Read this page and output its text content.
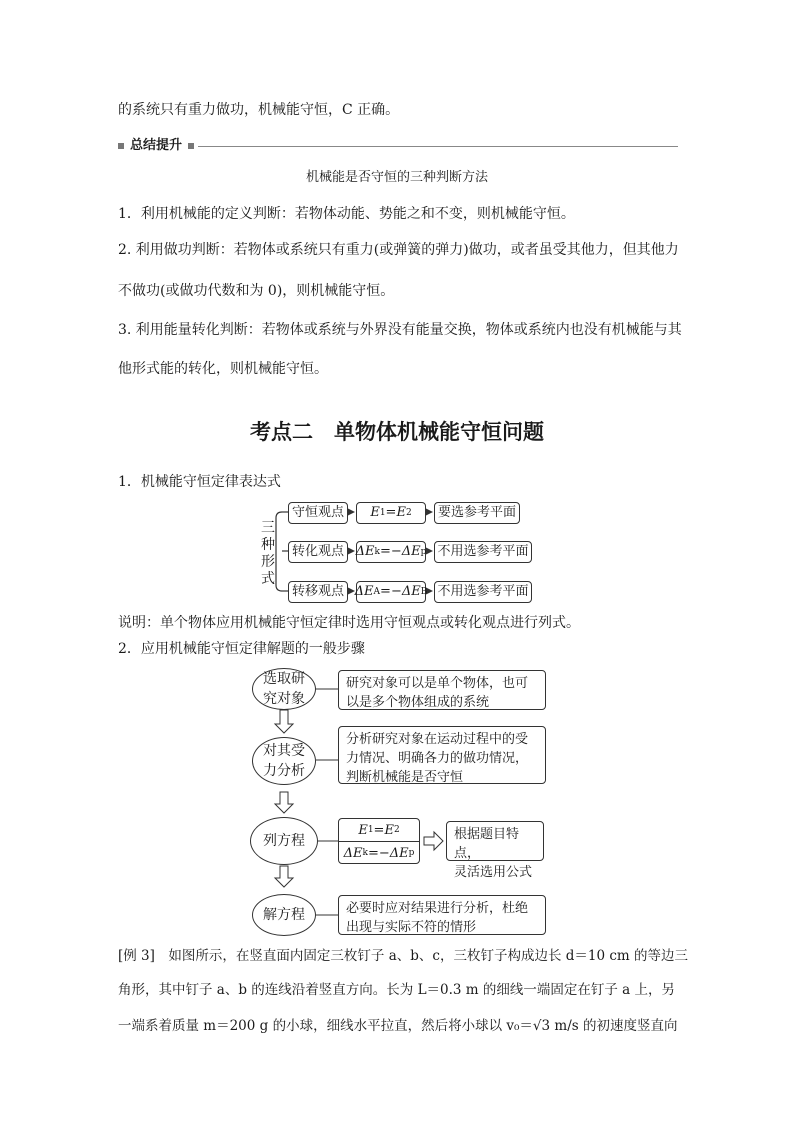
的系统只有重力做功，机械能守恒，C 正确。
总结提升
机械能是否守恒的三种判断方法
1．利用机械能的定义判断：若物体动能、势能之和不变，则机械能守恒。
2. 利用做功判断：若物体或系统只有重力(或弹簧的弹力)做功，或者虽受其他力，但其他力
不做功(或做功代数和为 0)，则机械能守恒。
3. 利用能量转化判断：若物体或系统与外界没有能量交换，物体或系统内也没有机械能与其
他形式能的转化，则机械能守恒。
考点二　单物体机械能守恒问题
1．机械能守恒定律表达式
三
种
形
式
守恒观点	E 1 = E 2	要选参考平面
转化观点 ΔE k =− ΔE p 不用选参考平面
转移观点 ΔE A =− ΔE B 不用选参考平面
说明：单个物体应用机械能守恒定律时选用守恒观点或转化观点进行列式。
2．应用机械能守恒定律解题的一般步骤
选取研
究对象
研究对象可以是单个物体，也可
以是多个物体组成的系统
对其受
力分析
分析研究对象在运动过程中的受
力情况、明确各力的做功情况，
判断机械能是否守恒
列方程
E 1 = E 2
ΔE k =− ΔE p
根据题目特点，
灵活选用公式
解方程	必要时应对结果进行分析，杜绝
出现与实际不符的情形
[例 3]　如图所示，在竖直面内固定三枚钉子 a、b、c，三枚钉子构成边长 d＝10 cm 的等边三
角形，其中钉子 a、b 的连线沿着竖直方向。长为 L＝0.3 m 的细线一端固定在钉子 a 上，另
一端系着质量 m＝200 g 的小球，细线水平拉直，然后将小球以 v₀＝√3 m/s 的初速度竖直向
